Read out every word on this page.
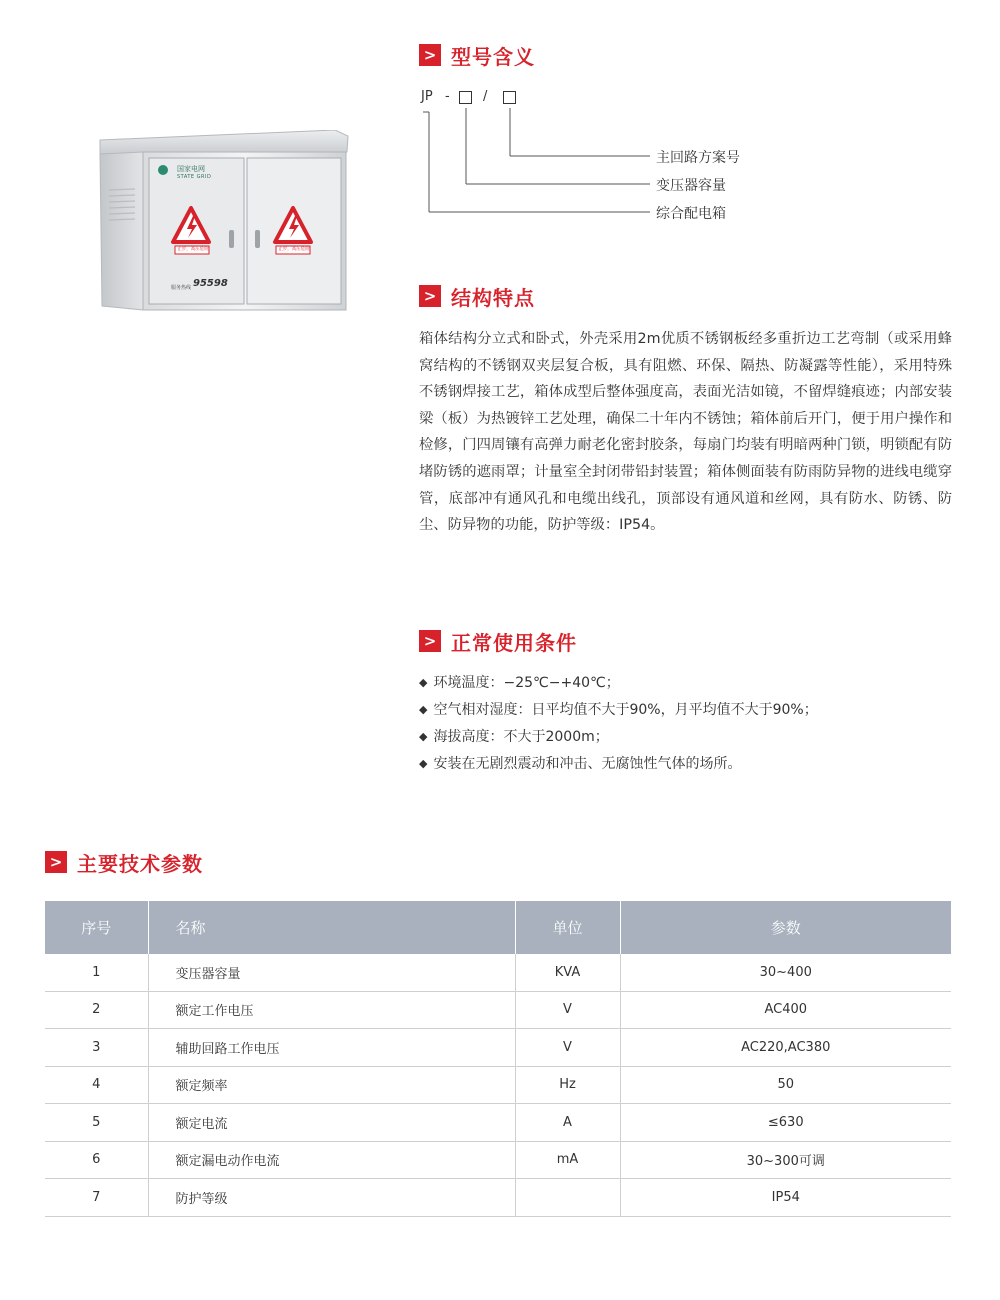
国家电网
STATE GRID
止步，高压危险	止步，高压危险
服务热线 95598
> 型号含义
JP -	/
主回路方案号
变压器容量
综合配电箱
> 结构特点
箱体结构分立式和卧式，外壳采用2m优质不锈钢板经多重折边工艺弯制（或采用蜂窝结构的不锈钢双夹层复合板，具有阻燃、环保、隔热、防凝露等性能），采用特殊不锈钢焊接工艺，箱体成型后整体强度高，表面光洁如镜，不留焊缝痕迹；内部安装梁（板）为热镀锌工艺处理，确保二十年内不锈蚀；箱体前后开门，便于用户操作和检修，门四周镶有高弹力耐老化密封胶条，每扇门均装有明暗两种门锁，明锁配有防堵防锈的遮雨罩；计量室全封闭带铅封装置；箱体侧面装有防雨防异物的进线电缆穿管，底部冲有通风孔和电缆出线孔，顶部设有通风道和丝网，具有防水、防锈、防尘、防异物的功能，防护等级：IP54。
> 正常使用条件
◆ 环境温度：−25℃−+40℃；
◆ 空气相对湿度：日平均值不大于90%，月平均值不大于90%；
◆ 海拔高度：不大于2000m；
◆ 安装在无剧烈震动和冲击、无腐蚀性气体的场所。
> 主要技术参数
序号	名称	单位	参数
1	变压器容量	KVA	30~400
2	额定工作电压	V	AC400
3	辅助回路工作电压	V	AC220,AC380
4	额定频率	Hz	50
5	额定电流	A	≤630
6	额定漏电动作电流	mA	30~300可调
7	防护等级		IP54
